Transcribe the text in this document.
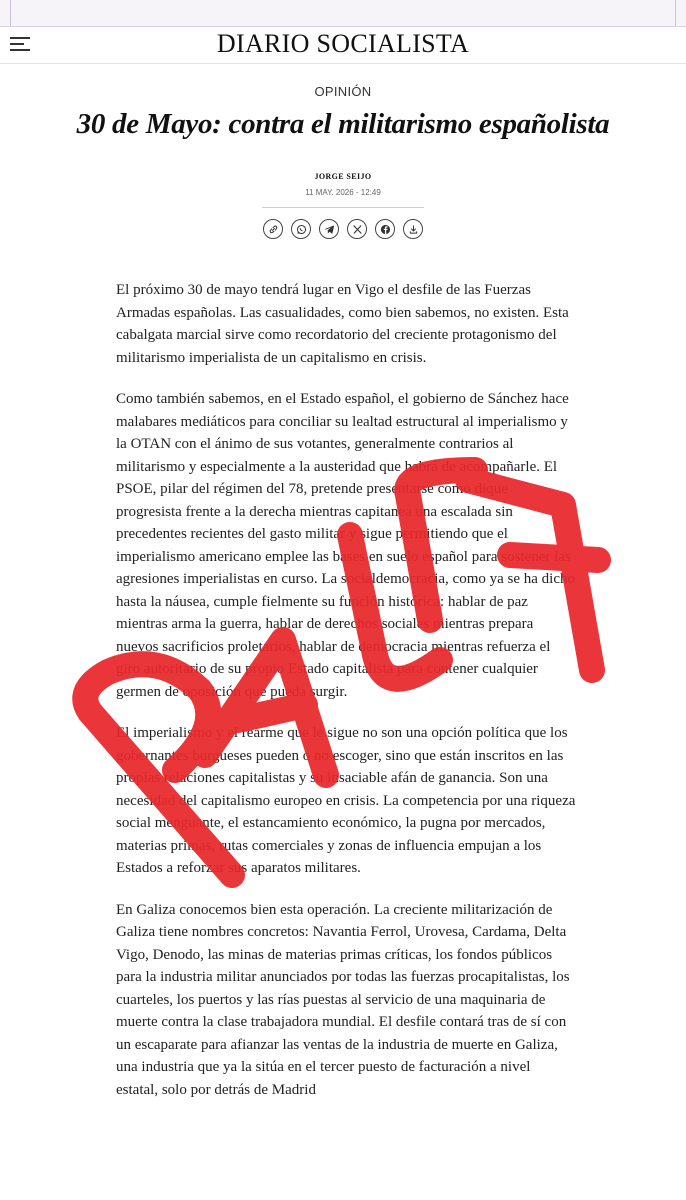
DIARIO SOCIALISTA
OPINIÓN
30 de Mayo: contra el militarismo españolista
JORGE SEIJO
11 MAY. 2026 - 12:49

El próximo 30 de mayo tendrá lugar en Vigo el desfile de las Fuerzas Armadas españolas. Las casualidades, como bien sabemos, no existen. Esta cabalgata marcial sirve como recordatorio del creciente protagonismo del militarismo imperialista de un capitalismo en crisis.

Como también sabemos, en el Estado español, el gobierno de Sánchez hace malabares mediáticos para conciliar su lealtad estructural al imperialismo y la OTAN con el ánimo de sus votantes, generalmente contrarios al militarismo y especialmente a la austeridad que habrá de acompañarle. El PSOE, pilar del régimen del 78, pretende presentarse como dique progresista frente a la derecha mientras capitanea una escalada sin precedentes recientes del gasto militar y sigue permitiendo que el imperialismo americano emplee las bases en suelo español para sostener las agresiones imperialistas en curso. La socialdemocracia, como ya se ha dicho hasta la náusea, cumple fielmente su función histórica: hablar de paz mientras arma la guerra, hablar de derechos sociales mientras prepara nuevos sacrificios proletarios, hablar de democracia mientras refuerza el giro autoritario de su propio Estado capitalista para contener cualquier germen de oposición que pueda surgir.

El imperialismo y el rearme que le sigue no son una opción política que los gobernantes burgueses pueden o no escoger, sino que están inscritos en las propias relaciones capitalistas y su insaciable afán de ganancia. Son una necesidad del capitalismo europeo en crisis. La competencia por una riqueza social menguante, el estancamiento económico, la pugna por mercados, materias primas, rutas comerciales y zonas de influencia empujan a los Estados a reforzar sus aparatos militares.

En Galiza conocemos bien esta operación. La creciente militarización de Galiza tiene nombres concretos: Navantia Ferrol, Urovesa, Cardama, Delta Vigo, Denodo, las minas de materias primas críticas, los fondos públicos para la industria militar anunciados por todas las fuerzas procapitalistas, los cuarteles, los puertos y las rías puestas al servicio de una maquinaria de muerte contra la clase trabajadora mundial. El desfile contará tras de sí con un escaparate para afianzar las ventas de la industria de muerte en Galiza, una industria que ya la sitúa en el tercer puesto de facturación a nivel estatal, solo por detrás de Madrid
